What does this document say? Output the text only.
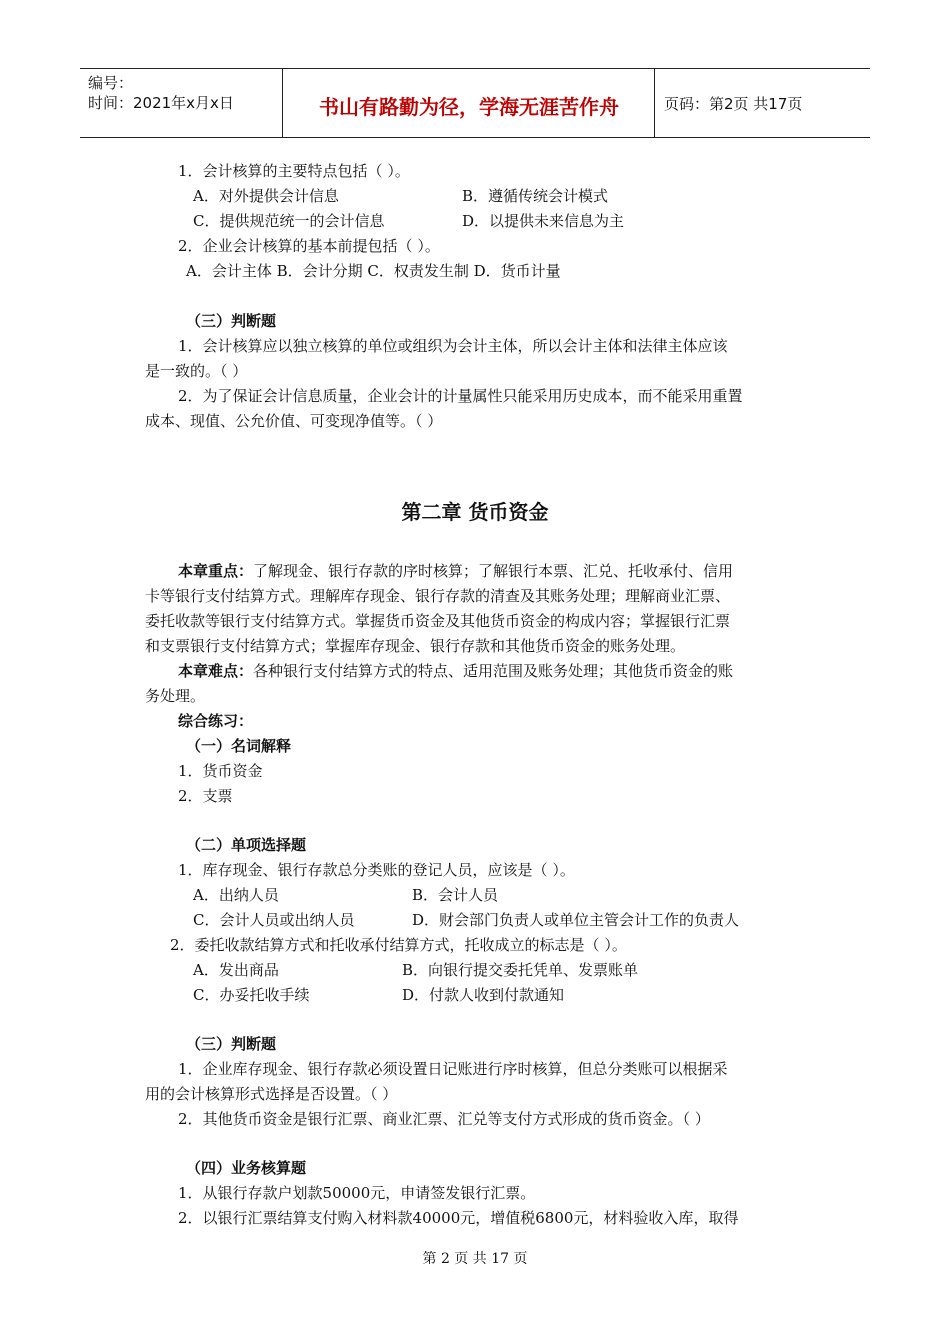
编号：
时间：2021年x月x日	书山有路勤为径，学海无涯苦作舟	页码：第2页 共17页
1．会计核算的主要特点包括（ ）。
A．对外提供会计信息	B．遵循传统会计模式
C．提供规范统一的会计信息	D．以提供未来信息为主
2．企业会计核算的基本前提包括（ ）。
A．会计主体 B．会计分期 C．权责发生制 D．货币计量
（三）判断题
1．会计核算应以独立核算的单位或组织为会计主体，所以会计主体和法律主体应该
是一致的。（ ）
2．为了保证会计信息质量，企业会计的计量属性只能采用历史成本，而不能采用重置
成本、现值、公允价值、可变现净值等。（ ）
第二章 货币资金
本章重点：了解现金、银行存款的序时核算；了解银行本票、汇兑、托收承付、信用
卡等银行支付结算方式。理解库存现金、银行存款的清查及其账务处理；理解商业汇票、
委托收款等银行支付结算方式。掌握货币资金及其他货币资金的构成内容；掌握银行汇票
和支票银行支付结算方式；掌握库存现金、银行存款和其他货币资金的账务处理。
本章难点：各种银行支付结算方式的特点、适用范围及账务处理；其他货币资金的账
务处理。
综合练习：
（一）名词解释
1．货币资金
2．支票
（二）单项选择题
1．库存现金、银行存款总分类账的登记人员，应该是（ ）。
A．出纳人员	B．会计人员
C．会计人员或出纳人员	D．财会部门负责人或单位主管会计工作的负责人
2．委托收款结算方式和托收承付结算方式，托收成立的标志是（ ）。
A．发出商品	B．向银行提交委托凭单、发票账单
C．办妥托收手续	D．付款人收到付款通知
（三）判断题
1．企业库存现金、银行存款必须设置日记账进行序时核算，但总分类账可以根据采
用的会计核算形式选择是否设置。（ ）
2．其他货币资金是银行汇票、商业汇票、汇兑等支付方式形成的货币资金。（ ）
（四）业务核算题
1．从银行存款户划款50000元，申请签发银行汇票。
2．以银行汇票结算支付购入材料款40000元，增值税6800元，材料验收入库，取得
第 2 页 共 17 页
